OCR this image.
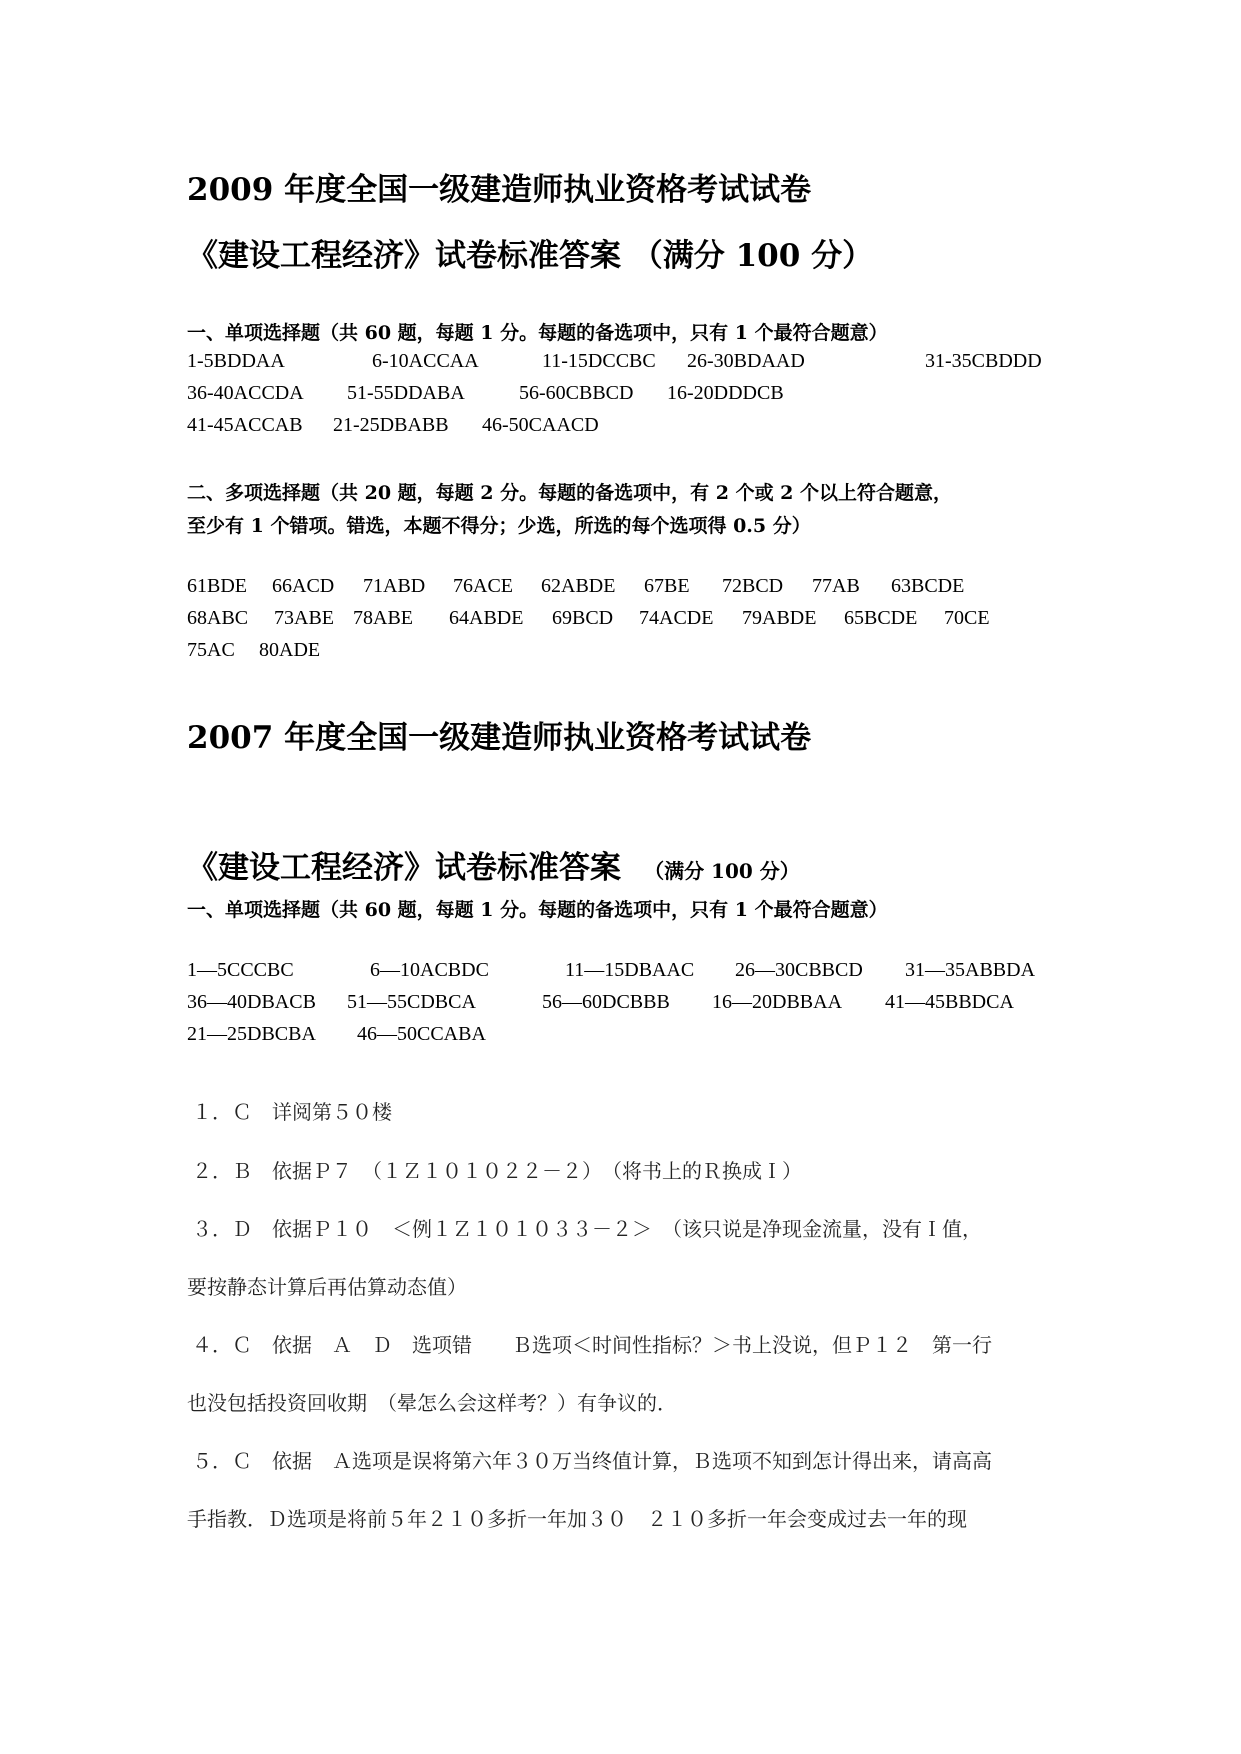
2009 年度全国一级建造师执业资格考试试卷
《建设工程经济》试卷标准答案 （满分 100 分）
一、单项选择题（共 60 题，每题 1 分。每题的备选项中，只有 1 个最符合题意）
1-5BDDAA	6-10ACCAA	11-15DCCBC 26-30BDAAD	31-35CBDDD
36-40ACCDA 51-55DDABA	56-60CBBCD 16-20DDDCB
41-45ACCAB 21-25DBABB 46-50CAACD
二、多项选择题（共 20 题，每题 2 分。每题的备选项中，有 2 个或 2 个以上符合题意，
至少有 1 个错项。错选，本题不得分；少选，所选的每个选项得 0.5 分）
61BDE 66ACD 71ABD 76ACE 62ABDE 67BE 72BCD 77AB 63BCDE
68ABC 73ABE 78ABE 64ABDE 69BCD 74ACDE 79ABDE 65BCDE 70CE
75AC 80ADE
2007 年度全国一级建造师执业资格考试试卷
《建设工程经济》试卷标准答案 （满分 100 分）
一、单项选择题（共 60 题，每题 1 分。每题的备选项中，只有 1 个最符合题意）
1—5CCCBC	6—10ACBDC	11—15DBAAC 26—30CBBCD 31—35ABBDA
36—40DBACB 51—55CDBCA	56—60DCBBB 16—20DBBAA 41—45BBDCA
21—25DBCBA 46—50CCABA
１．Ｃ　详阅第５０楼
２．Ｂ　依据Ｐ７　（１Ｚ１０１０２２－２）　（将书上的Ｒ换成Ｉ）
３．Ｄ　依据Ｐ１０　＜例１Ｚ１０１０３３－２＞　（该只说是净现金流量，没有Ｉ值，
要按静态计算后再估算动态值）
４．Ｃ　依据　Ａ　Ｄ　选项错　　Ｂ选项＜时间性指标？＞书上没说，但Ｐ１２　第一行
也没包括投资回收期　（晕怎么会这样考？）有争议的．
５．Ｃ　依据　Ａ选项是误将第六年３０万当终值计算，Ｂ选项不知到怎计得出来，请高高
手指教．Ｄ选项是将前５年２１０多折一年加３０　２１０多折一年会变成过去一年的现
